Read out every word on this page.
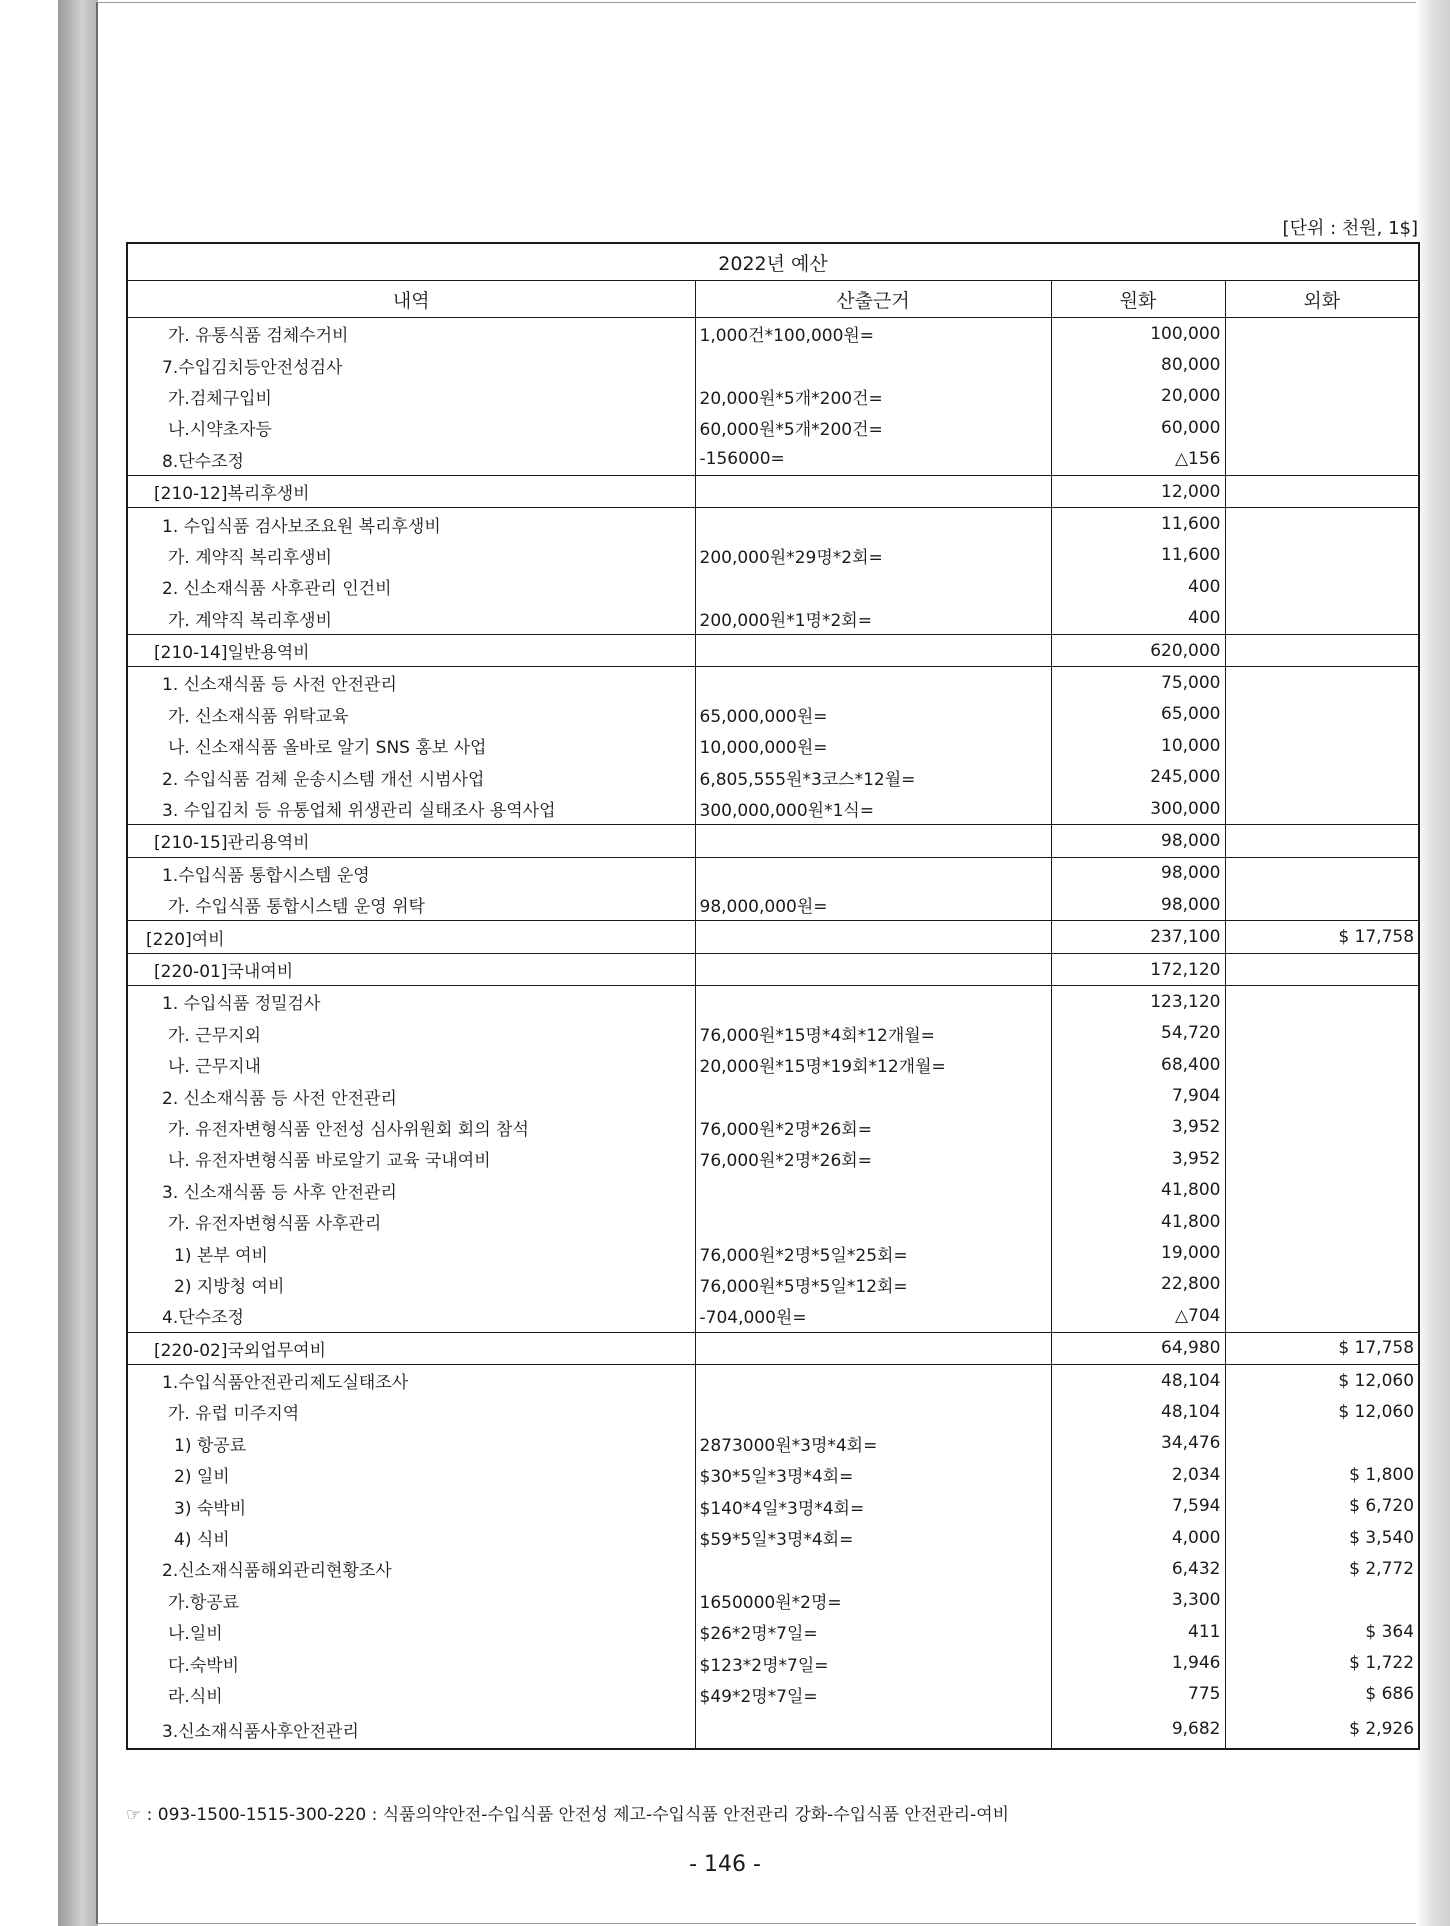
[단위 : 천원, 1$]
2022년 예산			
내역	산출근거	원화	외화
가. 유통식품 검체수거비	1,000건*100,000원=	100,000	
7.수입김치등안전성검사		80,000	
가.검체구입비	20,000원*5개*200건=	20,000	
나.시약초자등	60,000원*5개*200건=	60,000	
8.단수조정	-156000=	△156	
[210-12]복리후생비		12,000	
1. 수입식품 검사보조요원 복리후생비		11,600	
가. 계약직 복리후생비	200,000원*29명*2회=	11,600	
2. 신소재식품 사후관리 인건비		400	
가. 계약직 복리후생비	200,000원*1명*2회=	400	
[210-14]일반용역비		620,000	
1. 신소재식품 등 사전 안전관리		75,000	
가. 신소재식품 위탁교육	65,000,000원=	65,000	
나. 신소재식품 올바로 알기 SNS 홍보 사업	10,000,000원=	10,000	
2. 수입식품 검체 운송시스템 개선 시범사업	6,805,555원*3코스*12월=	245,000	
3. 수입김치 등 유통업체 위생관리 실태조사 용역사업	300,000,000원*1식=	300,000	
[210-15]관리용역비		98,000	
1.수입식품 통합시스템 운영		98,000	
가. 수입식품 통합시스템 운영 위탁	98,000,000원=	98,000	
[220]여비		237,100	$ 17,758
[220-01]국내여비		172,120	
1. 수입식품 정밀검사		123,120	
가. 근무지외	76,000원*15명*4회*12개월=	54,720	
나. 근무지내	20,000원*15명*19회*12개월=	68,400	
2. 신소재식품 등 사전 안전관리		7,904	
가. 유전자변형식품 안전성 심사위원회 회의 참석	76,000원*2명*26회=	3,952	
나. 유전자변형식품 바로알기 교육 국내여비	76,000원*2명*26회=	3,952	
3. 신소재식품 등 사후 안전관리		41,800	
가. 유전자변형식품 사후관리		41,800	
1) 본부 여비	76,000원*2명*5일*25회=	19,000	
2) 지방청 여비	76,000원*5명*5일*12회=	22,800	
4.단수조정	-704,000원=	△704	
[220-02]국외업무여비		64,980	$ 17,758
1.수입식품안전관리제도실태조사		48,104	$ 12,060
가. 유럽 미주지역		48,104	$ 12,060
1) 항공료	2873000원*3명*4회=	34,476	
2) 일비	$30*5일*3명*4회=	2,034	$ 1,800
3) 숙박비	$140*4일*3명*4회=	7,594	$ 6,720
4) 식비	$59*5일*3명*4회=	4,000	$ 3,540
2.신소재식품해외관리현황조사		6,432	$ 2,772
가.항공료	1650000원*2명=	3,300	
나.일비	$26*2명*7일=	411	$ 364
다.숙박비	$123*2명*7일=	1,946	$ 1,722
라.식비	$49*2명*7일=	775	$ 686
3.신소재식품사후안전관리		9,682	$ 2,926
☞ : 093-1500-1515-300-220 : 식품의약안전-수입식품 안전성 제고-수입식품 안전관리 강화-수입식품 안전관리-여비
- 146 -
